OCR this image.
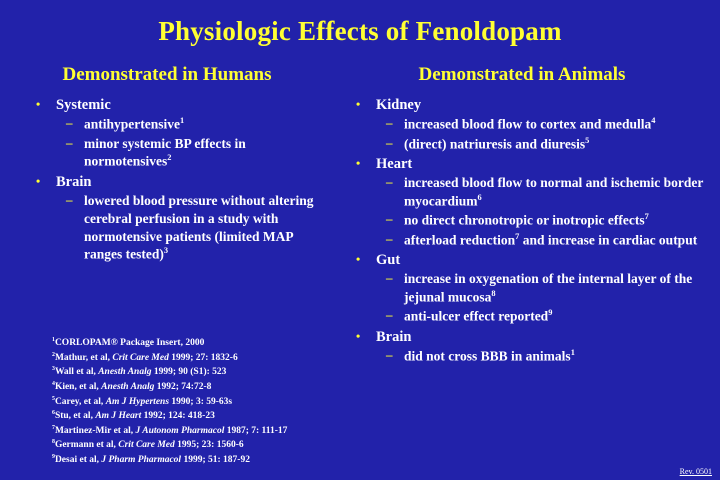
Physiologic Effects of Fenoldopam
Demonstrated in Humans
• Systemic
– antihypertensive$^1$
– minor systemic BP effects in normotensives$^2$
• Brain
– lowered blood pressure without altering cerebral perfusion in a study with normotensive patients (limited MAP ranges tested)$^3$
Demonstrated in Animals
• Kidney
– increased blood flow to cortex and medulla$^4$
– (direct) natriuresis and diuresis$^5$
• Heart
– increased blood flow to normal and ischemic border myocardium$^6$
– no direct chronotropic or inotropic effects$^7$
– afterload reduction$^7$ and increase in cardiac output
• Gut
– increase in oxygenation of the internal layer of the jejunal mucosa$^8$
– anti-ulcer effect reported$^9$
• Brain
– did not cross BBB in animals$^1$
$^1$CORLOPAM® Package Insert, 2000
$^2$Mathur, et al, Crit Care Med 1999; 27: 1832-6
$^3$Wall et al, Anesth Analg 1999; 90 (S1): 523
$^4$Kien, et al, Anesth Analg 1992; 74:72-8
$^5$Carey, et al, Am J Hypertens 1990; 3: 59-63s
$^6$Stu, et al, Am J Heart 1992; 124: 418-23
$^7$Martinez-Mir et al, J Autonom Pharmacol 1987; 7: 111-17
$^8$Germann et al, Crit Care Med 1995; 23: 1560-6
$^9$Desai et al, J Pharm Pharmacol 1999; 51: 187-92
Rev. 0501
